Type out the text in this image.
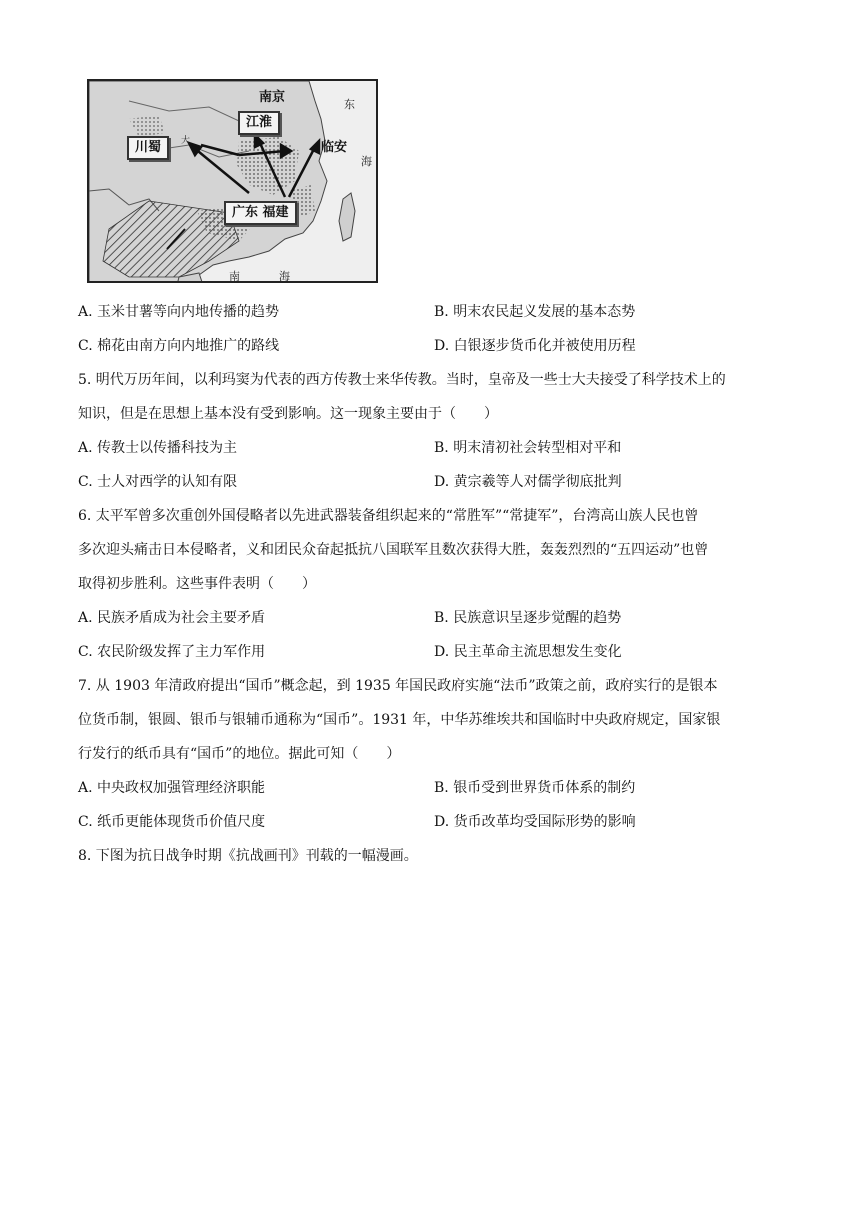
江淮
川蜀
广东 福建
南京
临安
东
海
南	海
大
A. 玉米甘薯等向内地传播的趋势	B. 明末农民起义发展的基本态势
C. 棉花由南方向内地推广的路线	D. 白银逐步货币化并被使用历程
5. 明代万历年间，以利玛窦为代表的西方传教士来华传教。当时，皇帝及一些士大夫接受了科学技术上的
知识，但是在思想上基本没有受到影响。这一现象主要由于（　　）
A. 传教士以传播科技为主	B. 明末清初社会转型相对平和
C. 士人对西学的认知有限	D. 黄宗羲等人对儒学彻底批判
6. 太平军曾多次重创外国侵略者以先进武器装备组织起来的“常胜军”“常捷军”，台湾高山族人民也曾
多次迎头痛击日本侵略者，义和团民众奋起抵抗八国联军且数次获得大胜，轰轰烈烈的“五四运动”也曾
取得初步胜利。这些事件表明（　　）
A. 民族矛盾成为社会主要矛盾	B. 民族意识呈逐步觉醒的趋势
C. 农民阶级发挥了主力军作用	D. 民主革命主流思想发生变化
7. 从 1903 年清政府提出“国币”概念起，到 1935 年国民政府实施“法币”政策之前，政府实行的是银本
位货币制，银圆、银币与银辅币通称为“国币”。1931 年，中华苏维埃共和国临时中央政府规定，国家银
行发行的纸币具有“国币”的地位。据此可知（　　）
A. 中央政权加强管理经济职能	B. 银币受到世界货币体系的制约
C. 纸币更能体现货币价值尺度	D. 货币改革均受国际形势的影响
8. 下图为抗日战争时期《抗战画刊》刊载的一幅漫画。
